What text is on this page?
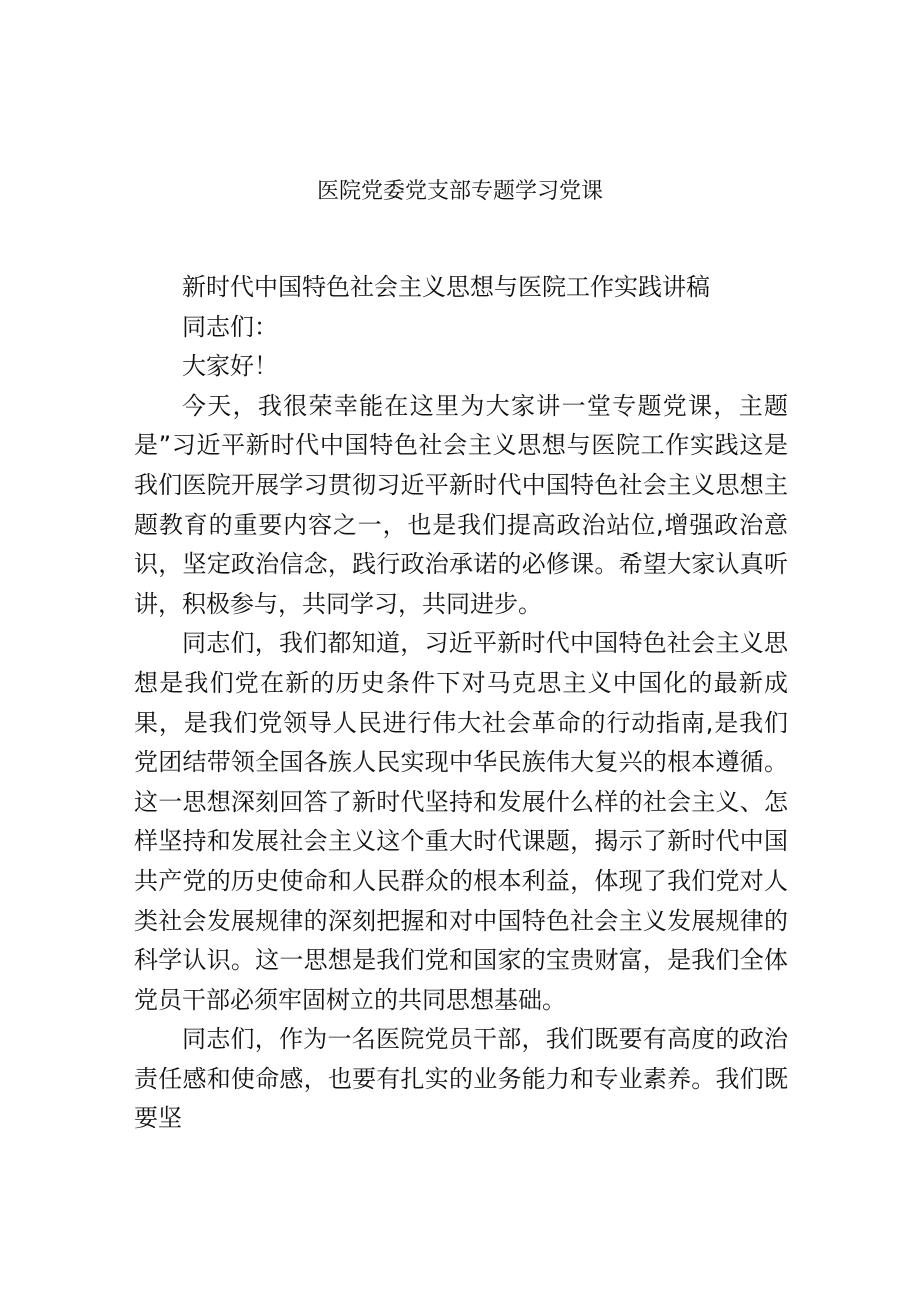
医院党委党支部专题学习党课

新时代中国特色社会主义思想与医院工作实践讲稿

同志们：

大家好！

今天，我很荣幸能在这里为大家讲一堂专题党课，主题是”习近平新时代中国特色社会主义思想与医院工作实践这是我们医院开展学习贯彻习近平新时代中国特色社会主义思想主题教育的重要内容之一，也是我们提高政治站位,增强政治意识，坚定政治信念，践行政治承诺的必修课。希望大家认真听讲，积极参与，共同学习，共同进步。

同志们，我们都知道，习近平新时代中国特色社会主义思想是我们党在新的历史条件下对马克思主义中国化的最新成果，是我们党领导人民进行伟大社会革命的行动指南,是我们党团结带领全国各族人民实现中华民族伟大复兴的根本遵循。这一思想深刻回答了新时代坚持和发展什么样的社会主义、怎样坚持和发展社会主义这个重大时代课题，揭示了新时代中国共产党的历史使命和人民群众的根本利益，体现了我们党对人类社会发展规律的深刻把握和对中国特色社会主义发展规律的科学认识。这一思想是我们党和国家的宝贵财富，是我们全体党员干部必须牢固树立的共同思想基础。

同志们，作为一名医院党员干部，我们既要有高度的政治责任感和使命感，也要有扎实的业务能力和专业素养。我们既要坚
